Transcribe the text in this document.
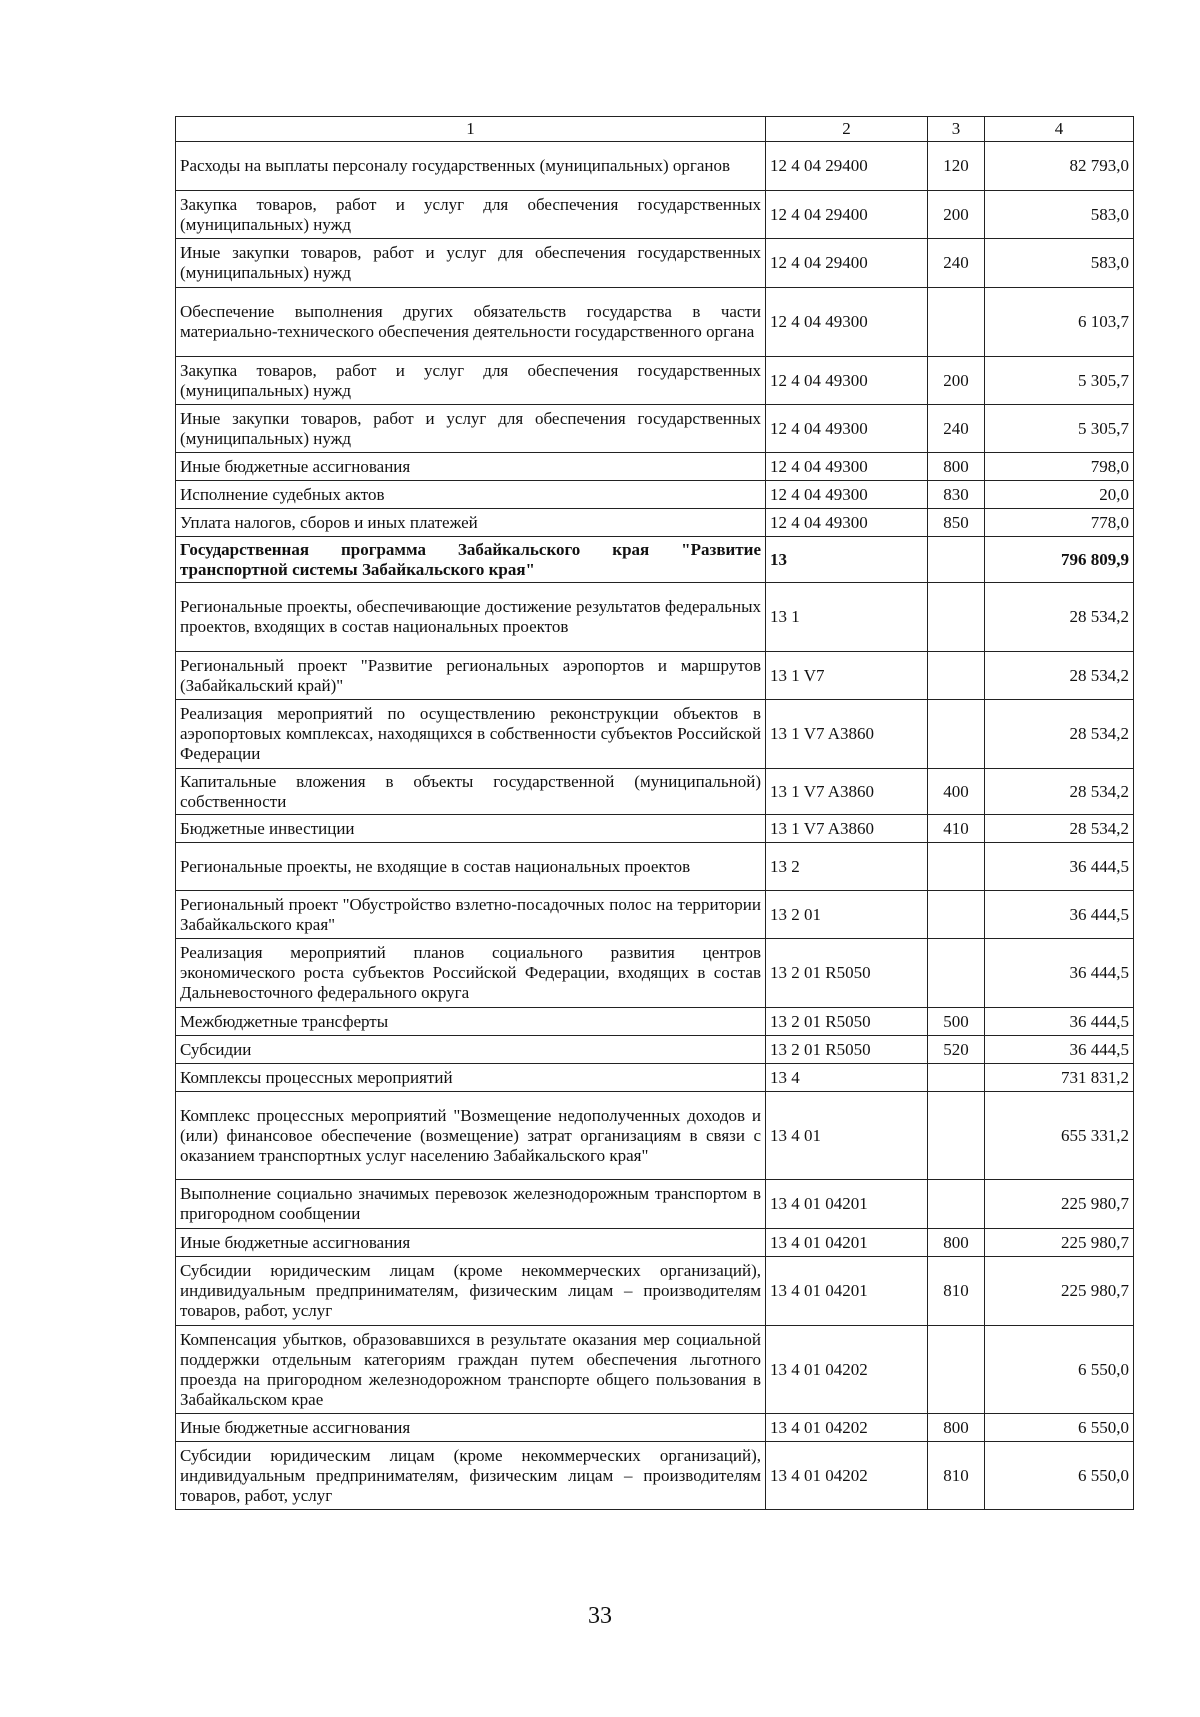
1	2	3	4
Расходы на выплаты персоналу государственных (муниципальных) органов	12 4 04 29400	120	82 793,0
Закупка товаров, работ и услуг для обеспечения государственных (муниципальных) нужд	12 4 04 29400	200	583,0
Иные закупки товаров, работ и услуг для обеспечения государственных (муниципальных) нужд	12 4 04 29400	240	583,0
Обеспечение выполнения других обязательств государства в части материально-технического обеспечения деятельности государственного органа	12 4 04 49300		6 103,7
Закупка товаров, работ и услуг для обеспечения государственных (муниципальных) нужд	12 4 04 49300	200	5 305,7
Иные закупки товаров, работ и услуг для обеспечения государственных (муниципальных) нужд	12 4 04 49300	240	5 305,7
Иные бюджетные ассигнования	12 4 04 49300	800	798,0
Исполнение судебных актов	12 4 04 49300	830	20,0
Уплата налогов, сборов и иных платежей	12 4 04 49300	850	778,0
Государственная программа Забайкальского края "Развитие транспортной системы Забайкальского края"	13		796 809,9
Региональные проекты, обеспечивающие достижение результатов федеральных проектов, входящих в состав национальных проектов	13 1		28 534,2
Региональный проект "Развитие региональных аэропортов и маршрутов (Забайкальский край)"	13 1 V7		28 534,2
Реализация мероприятий по осуществлению реконструкции объектов в аэропортовых комплексах, находящихся в собственности субъектов Российской Федерации	13 1 V7 A3860		28 534,2
Капитальные вложения в объекты государственной (муниципальной) собственности	13 1 V7 A3860	400	28 534,2
Бюджетные инвестиции	13 1 V7 A3860	410	28 534,2
Региональные проекты, не входящие в состав национальных проектов	13 2		36 444,5
Региональный проект "Обустройство взлетно-посадочных полос на территории Забайкальского края"	13 2 01		36 444,5
Реализация мероприятий планов социального развития центров экономического роста субъектов Российской Федерации, входящих в состав Дальневосточного федерального округа	13 2 01 R5050		36 444,5
Межбюджетные трансферты	13 2 01 R5050	500	36 444,5
Субсидии	13 2 01 R5050	520	36 444,5
Комплексы процессных мероприятий	13 4		731 831,2
Комплекс процессных мероприятий "Возмещение недополученных доходов и (или) финансовое обеспечение (возмещение) затрат организациям в связи с оказанием транспортных услуг населению Забайкальского края"	13 4 01		655 331,2
Выполнение социально значимых перевозок железнодорожным транспортом в пригородном сообщении	13 4 01 04201		225 980,7
Иные бюджетные ассигнования	13 4 01 04201	800	225 980,7
Субсидии юридическим лицам (кроме некоммерческих организаций), индивидуальным предпринимателям, физическим лицам – производителям товаров, работ, услуг	13 4 01 04201	810	225 980,7
Компенсация убытков, образовавшихся в результате оказания мер социальной поддержки отдельным категориям граждан путем обеспечения льготного проезда на пригородном железнодорожном транспорте общего пользования в Забайкальском крае	13 4 01 04202		6 550,0
Иные бюджетные ассигнования	13 4 01 04202	800	6 550,0
Субсидии юридическим лицам (кроме некоммерческих организаций), индивидуальным предпринимателям, физическим лицам – производителям товаров, работ, услуг	13 4 01 04202	810	6 550,0
33
